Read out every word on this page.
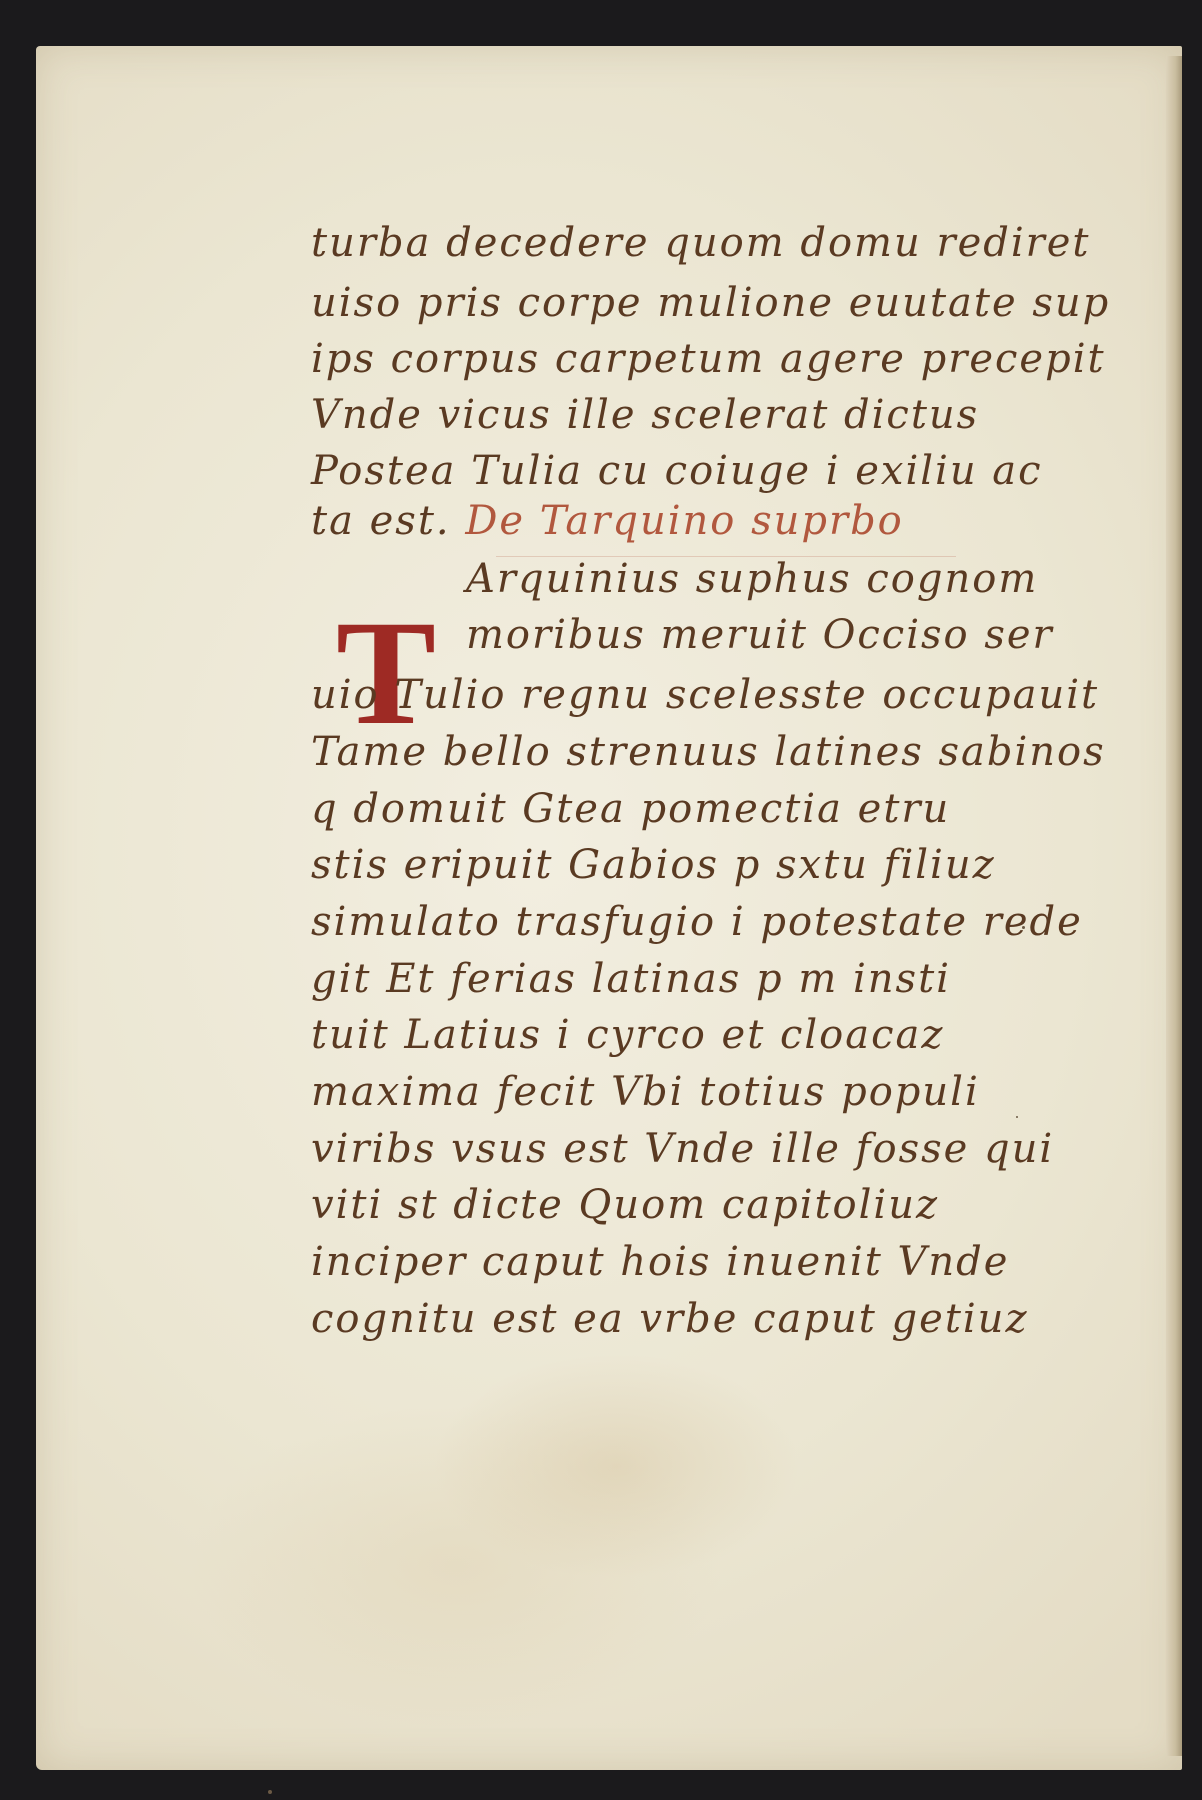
turba decedere quom domu rediret
uiso pris corpe mulione euutate sup
ips corpus carpetum agere precepit
Vnde vicus ille scelerat dictus
Postea Tulia cu coiuge i exiliu ac
ta est. De Tarquino suprbo
T
Arquinius suphus cognom
moribus meruit Occiso ser
uio Tulio regnu scelesste occupauit
Tame bello strenuus latines sabinos
q domuit Gtea pomectia etru
stis eripuit Gabios p sxtu filiuz
simulato trasfugio i potestate rede
git Et ferias latinas p m insti
tuit Latius i cyrco et cloacaz
maxima fecit Vbi totius populi
viribs vsus est Vnde ille fosse qui
viti st dicte Quom capitoliuz
inciper caput hois inuenit Vnde
cognitu est ea vrbe caput getiuz
